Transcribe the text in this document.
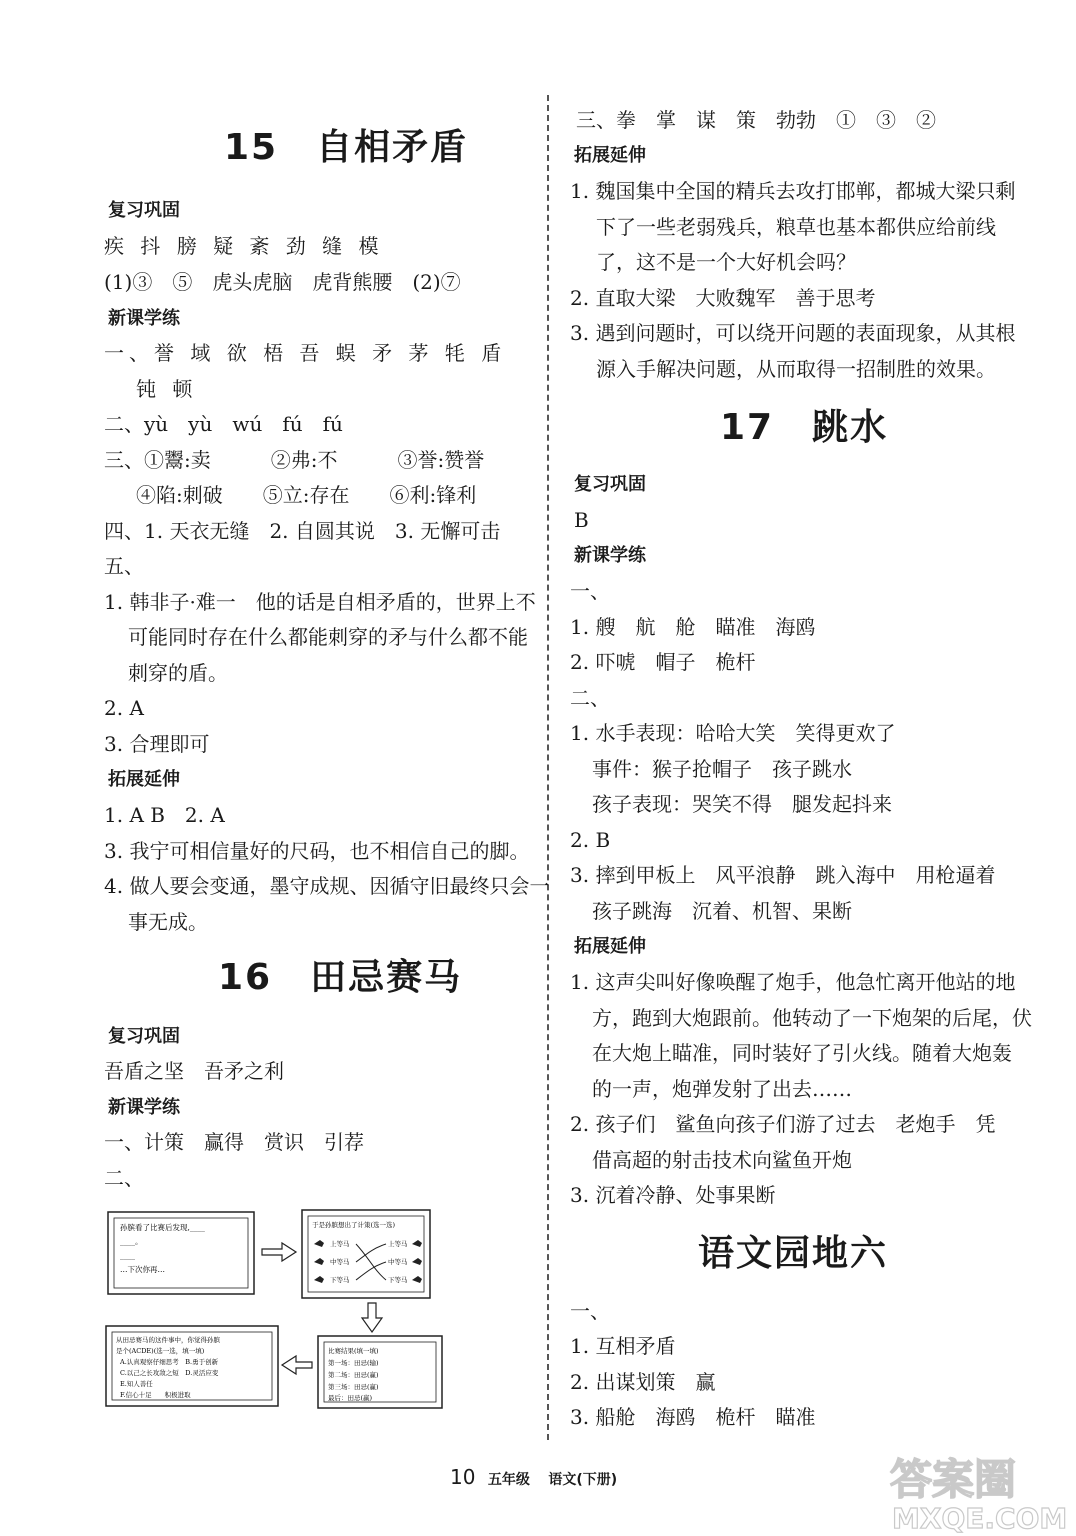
15　自相矛盾
复习巩固
疾 抖 膀 疑 紊 劲 缝 模
(1)③　⑤　虎头虎脑　虎背熊腰　(2)⑦
新课学练
一、誉 域 欲 梧 吾 蜈 矛 茅 牦 盾
钝 顿
二、yù　yù　wú　fú　fú
三、①鬻:卖　　　②弗:不　　　③誉:赞誉
④陷:刺破　　⑤立:存在　　⑥利:锋利
四、1. 天衣无缝　2. 自圆其说　3. 无懈可击
五、
1. 韩非子·难一　他的话是自相矛盾的，世界上不
可能同时存在什么都能刺穿的矛与什么都不能
刺穿的盾。
2. A
3. 合理即可
拓展延伸
1. A B　2. A
3. 我宁可相信量好的尺码，也不相信自己的脚。
4. 做人要会变通，墨守成规、因循守旧最终只会一
事无成。
16　田忌赛马
复习巩固
吾盾之坚　吾矛之利
新课学练
一、计策　赢得　赏识　引荐
二、
孙膑看了比赛后发现,____
____。
____
…下次你再…
于是孙膑想出了计策(选一选)
上等马
中等马
下等马
上等马
中等马
下等马
比赛结果(填一填)
第一场：田忌(输)
第二场：田忌(赢)
第三场：田忌(赢)
最后：田忌(赢)
从田忌赛马的这件事中，你觉得孙膑
是个(ACDE)(选一选，填一填)
A.认真观察仔细思考　B.勇于创新
C.以己之长攻敌之短　D.灵活应变
E.知人善任
F.信心十足　　积极进取
三、拳　掌　谋　策　勃勃　①　③　②
拓展延伸
1. 魏国集中全国的精兵去攻打邯郸，都城大梁只剩
下了一些老弱残兵，粮草也基本都供应给前线
了，这不是一个大好机会吗？
2. 直取大梁　大败魏军　善于思考
3. 遇到问题时，可以绕开问题的表面现象，从其根
源入手解决问题，从而取得一招制胜的效果。
17　跳水
复习巩固
B
新课学练
一、
1. 艘　航　舱　瞄准　海鸥
2. 吓唬　帽子　桅杆
二、
1. 水手表现：哈哈大笑　笑得更欢了
事件：猴子抢帽子　孩子跳水
孩子表现：哭笑不得　腿发起抖来
2. B
3. 摔到甲板上　风平浪静　跳入海中　用枪逼着
孩子跳海　沉着、机智、果断
拓展延伸
1. 这声尖叫好像唤醒了炮手，他急忙离开他站的地
方，跑到大炮跟前。他转动了一下炮架的后尾，伏
在大炮上瞄准，同时装好了引火线。随着大炮轰
的一声，炮弹发射了出去……
2. 孩子们　鲨鱼向孩子们游了过去　老炮手　凭
借高超的射击技术向鲨鱼开炮
3. 沉着冷静、处事果断
语文园地六
一、
1. 互相矛盾
2. 出谋划策　赢
3. 船舱　海鸥　桅杆　瞄准
10 五年级 语文(下册)	答案圈
MXQE.COM
